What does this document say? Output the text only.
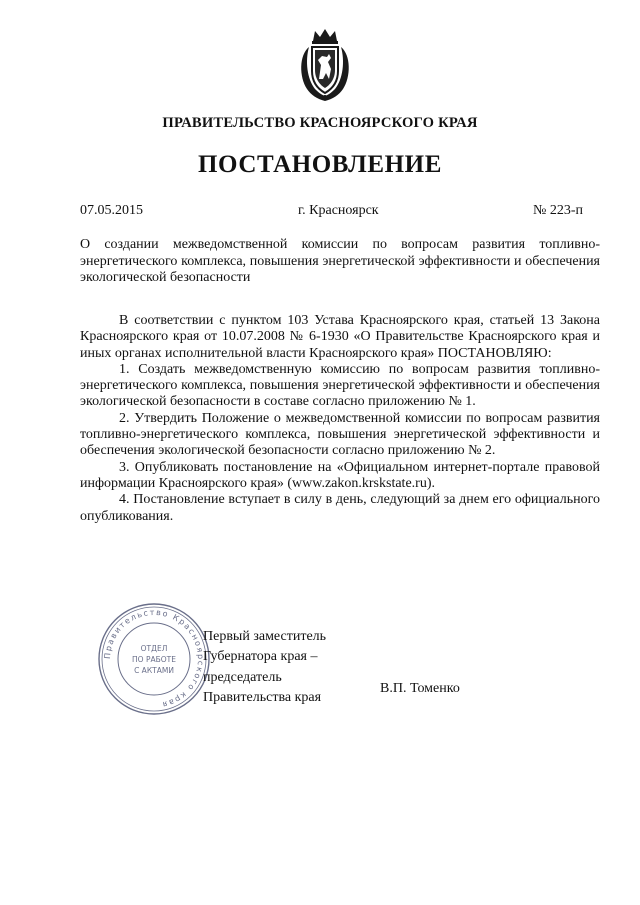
ПРАВИТЕЛЬСТВО КРАСНОЯРСКОГО КРАЯ
ПОСТАНОВЛЕНИЕ
07.05.2015	г. Красноярск	№ 223-п
О создании межведомственной комиссии по вопросам развития топливно-энергетического комплекса, повышения энергетической эффективности и обеспечения экологической безопасности

В соответствии с пунктом 103 Устава Красноярского края, статьей 13 Закона Красноярского края от 10.07.2008 № 6-1930 «О Правительстве Красноярского края и иных органах исполнительной власти Красноярского края» ПОСТАНОВЛЯЮ:

1. Создать межведомственную комиссию по вопросам развития топливно-энергетического комплекса, повышения энергетической эффективности и обеспечения экологической безопасности в составе согласно приложению № 1.

2. Утвердить Положение о межведомственной комиссии по вопросам развития топливно-энергетического комплекса, повышения энергетической эффективности и обеспечения экологической безопасности согласно приложению № 2.

3. Опубликовать постановление на «Официальном интернет-портале правовой информации Красноярского края» (www.zakon.krskstate.ru).

4. Постановление вступает в силу в день, следующий за днем его официального опубликования.

Правительство Красноярского края
ОТДЕЛ
ПО РАБОТЕ
С АКТАМИ
Первый заместитель
Губернатора края –
председатель
Правительства края
В.П. Томенко
